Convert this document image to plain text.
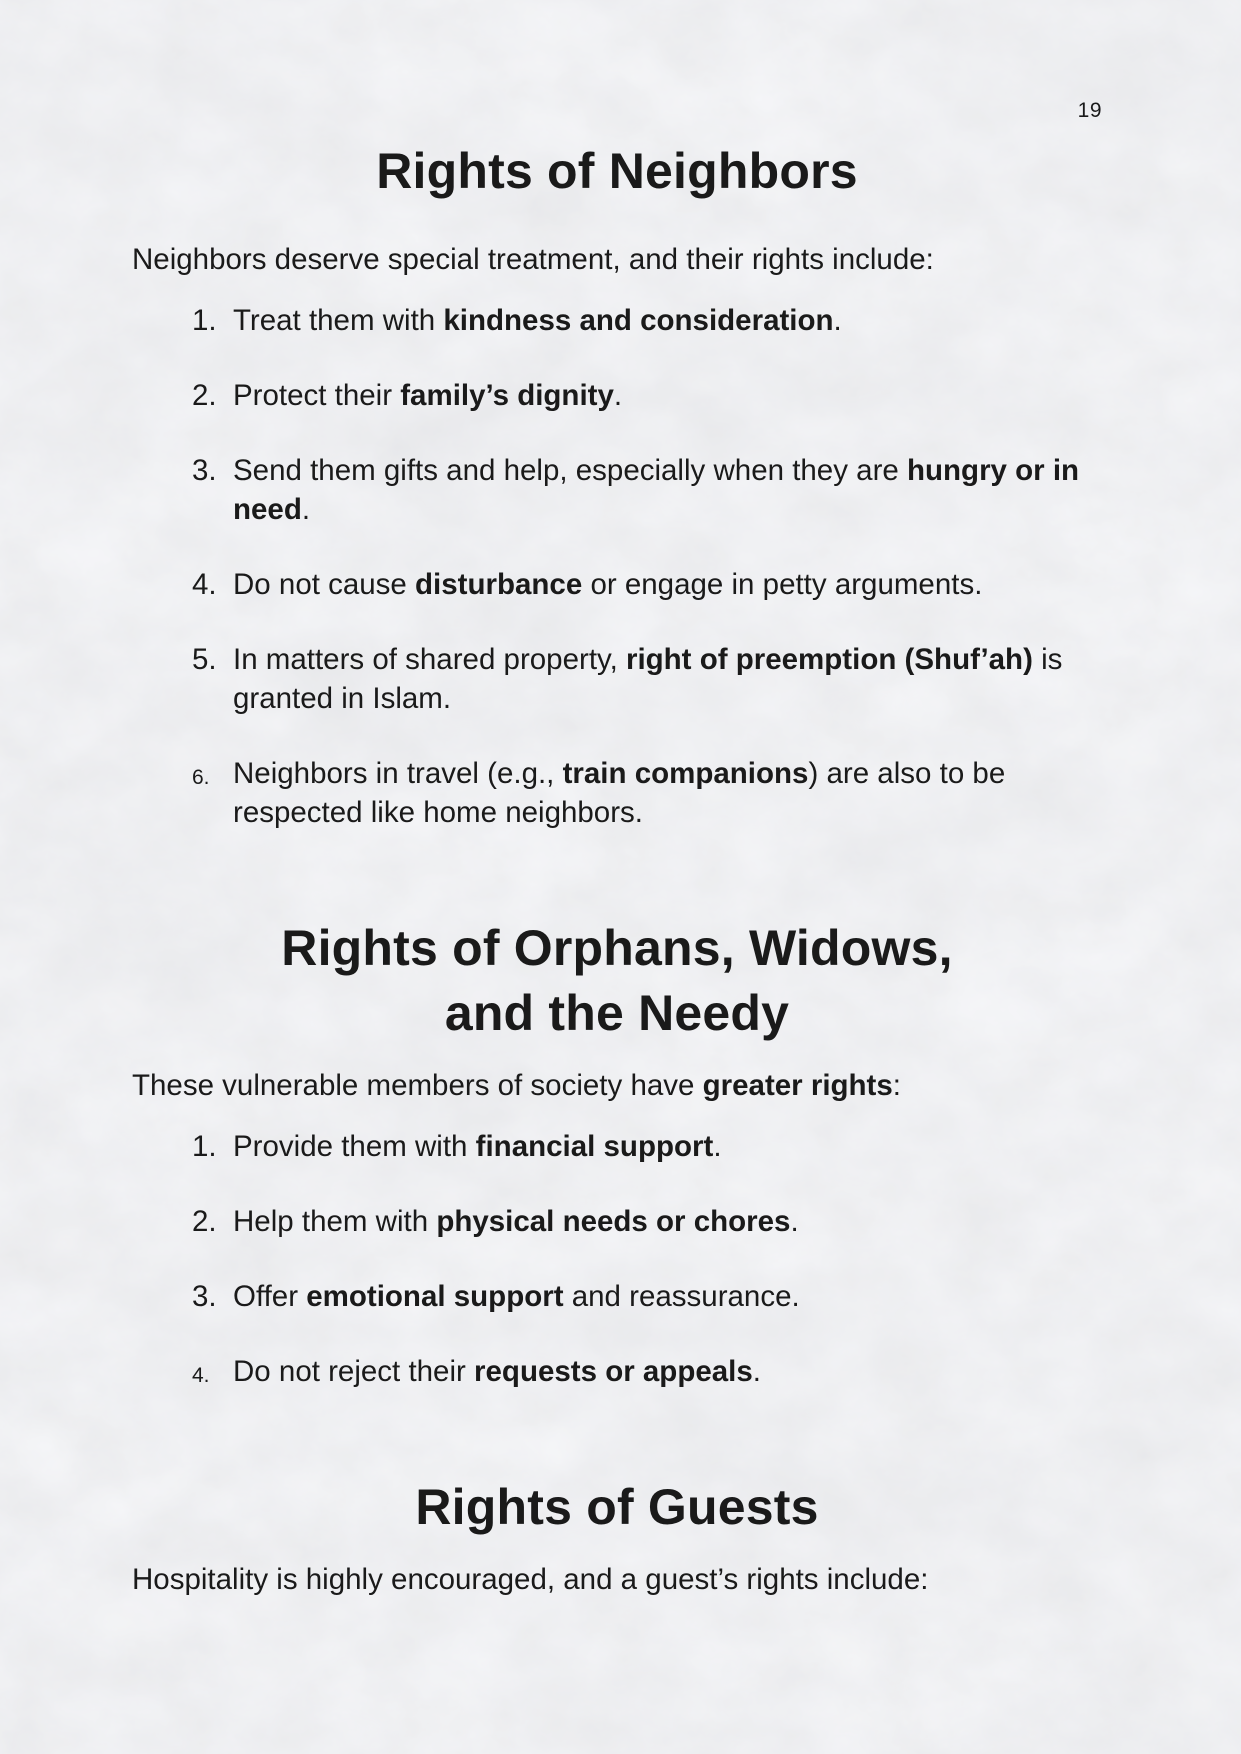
19
Rights of Neighbors

Neighbors deserve special treatment, and their rights include:

1. Treat them with kindness and consideration.
2. Protect their family’s dignity.
3. Send them gifts and help, especially when they are hungry or in need.
4. Do not cause disturbance or engage in petty arguments.
5. In matters of shared property, right of preemption (Shuf’ah) is granted in Islam.
6. Neighbors in travel (e.g., train companions) are also to be respected like home neighbors.
Rights of Orphans, Widows,
and the Needy

These vulnerable members of society have greater rights:

1. Provide them with financial support.
2. Help them with physical needs or chores.
3. Offer emotional support and reassurance.
4. Do not reject their requests or appeals.
Rights of Guests

Hospitality is highly encouraged, and a guest’s rights include:
